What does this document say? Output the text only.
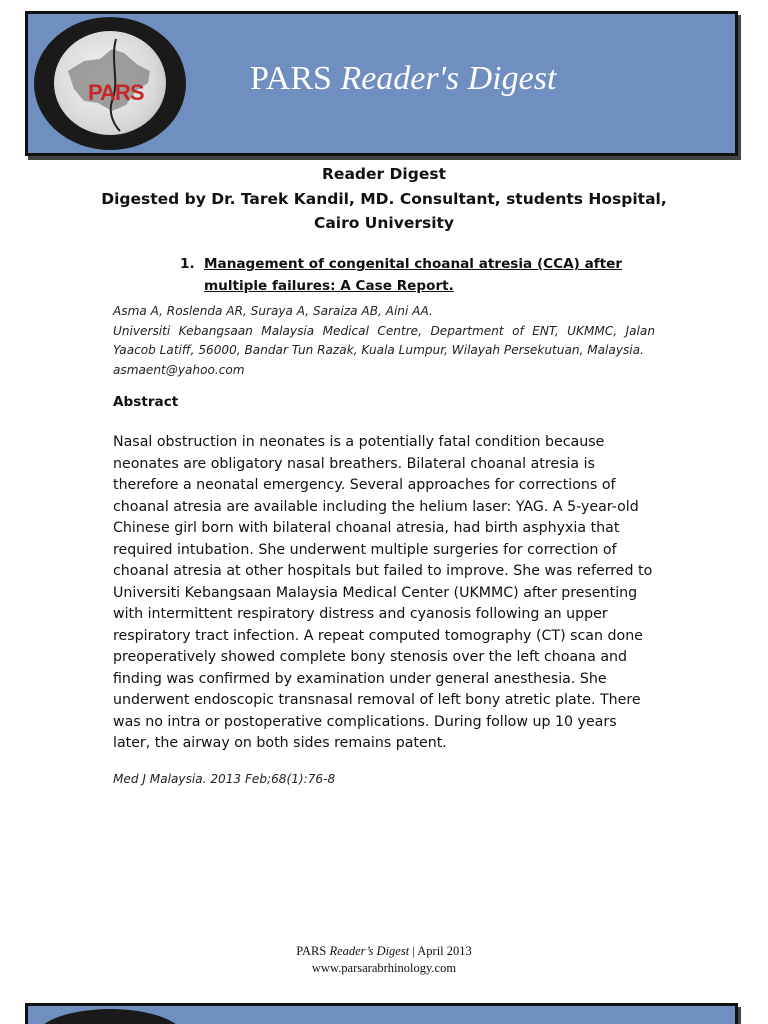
PARS	PARS Reader's Digest
Reader Digest
Digested by Dr. Tarek Kandil, MD. Consultant, students Hospital,
Cairo University
1. Management of congenital choanal atresia (CCA) after
multiple failures: A Case Report.
Asma A, Roslenda AR, Suraya A, Saraiza AB, Aini AA.
Universiti Kebangsaan Malaysia Medical Centre, Department of ENT, UKMMC, Jalan
Yaacob Latiff, 56000, Bandar Tun Razak, Kuala Lumpur, Wilayah Persekutuan, Malaysia.
asmaent@yahoo.com
Abstract
Nasal obstruction in neonates is a potentially fatal condition because
neonates are obligatory nasal breathers. Bilateral choanal atresia is
therefore a neonatal emergency. Several approaches for corrections of
choanal atresia are available including the helium laser: YAG. A 5-year-old
Chinese girl born with bilateral choanal atresia, had birth asphyxia that
required intubation. She underwent multiple surgeries for correction of
choanal atresia at other hospitals but failed to improve. She was referred to
Universiti Kebangsaan Malaysia Medical Center (UKMMC) after presenting
with intermittent respiratory distress and cyanosis following an upper
respiratory tract infection. A repeat computed tomography (CT) scan done
preoperatively showed complete bony stenosis over the left choana and
finding was confirmed by examination under general anesthesia. She
underwent endoscopic transnasal removal of left bony atretic plate. There
was no intra or postoperative complications. During follow up 10 years
later, the airway on both sides remains patent.
Med J Malaysia. 2013 Feb;68(1):76-8
PARS Reader’s Digest | April 2013
www.parsarabrhinology.com
